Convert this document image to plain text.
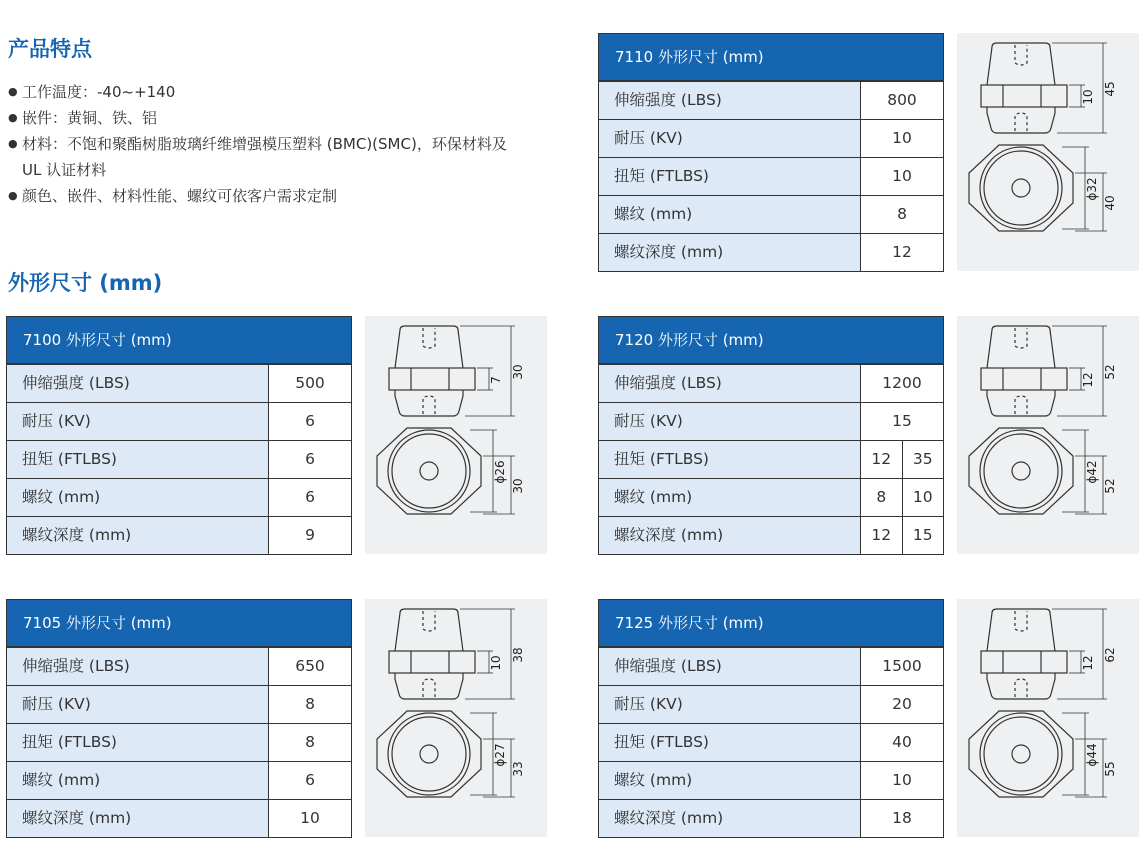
产品特点
● 工作温度：-40~+140
● 嵌件：黄铜、铁、铝
● 材料：不饱和聚酯树脂玻璃纤维增强模压塑料 (BMC)(SMC)，环保材料及 UL 认证材料
● 颜色、嵌件、材料性能、螺纹可依客户需求定制
外形尺寸 (mm)
7110 外形尺寸 (mm)
伸缩强度 (LBS)	800
耐压 (KV)	10
扭矩 (FTLBS)	10
螺纹 (mm)	8
螺纹深度 (mm)	12
10
45
ϕ32
40
7100 外形尺寸 (mm)
伸缩强度 (LBS)	500
耐压 (KV)	6
扭矩 (FTLBS)	6
螺纹 (mm)	6
螺纹深度 (mm)	9
7
30
ϕ26
30
7120 外形尺寸 (mm)
伸缩强度 (LBS)	1200
耐压 (KV)	15
扭矩 (FTLBS)	12	35
螺纹 (mm)	8	10
螺纹深度 (mm)	12	15
12
52
ϕ42
52
7105 外形尺寸 (mm)
伸缩强度 (LBS)	650
耐压 (KV)	8
扭矩 (FTLBS)	8
螺纹 (mm)	6
螺纹深度 (mm)	10
10
38
ϕ27
33
7125 外形尺寸 (mm)
伸缩强度 (LBS)	1500
耐压 (KV)	20
扭矩 (FTLBS)	40
螺纹 (mm)	10
螺纹深度 (mm)	18
12
62
ϕ44
55
